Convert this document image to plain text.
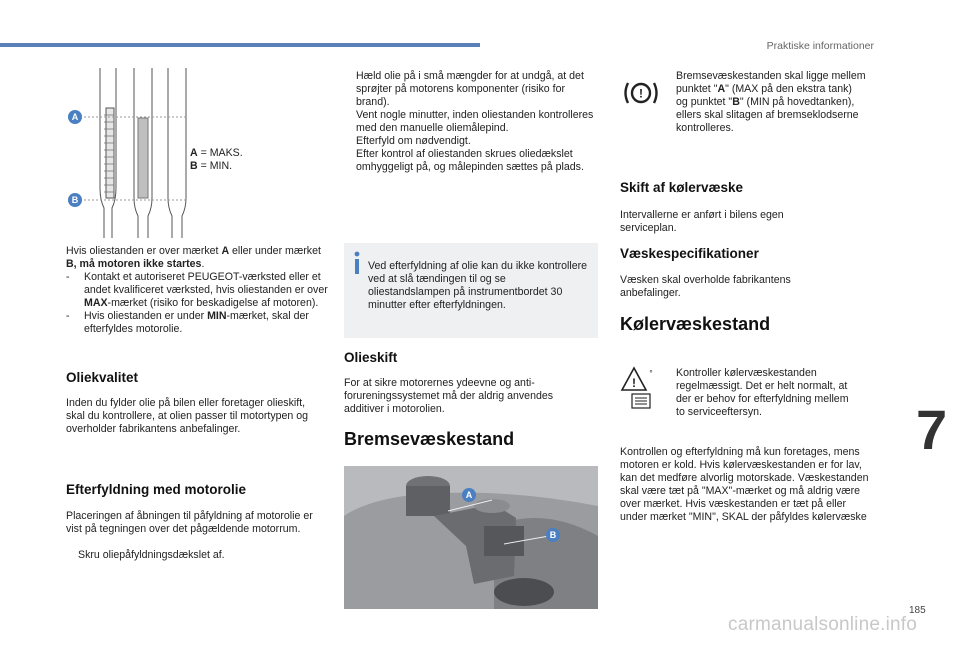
Praktiske informationer
A
B

A = MAKS.

B = MIN.

Hvis oliestanden er over mærket A eller under mærket B, må motoren ikke startes.

- Kontakt et autoriseret PEUGEOT-værksted eller et andet kvalificeret værksted, hvis oliestanden er over MAX-mærket (risiko for beskadigelse af motoren).
- Hvis oliestanden er under MIN-mærket, skal der efterfyldes motorolie.
Oliekvalitet

Inden du fylder olie på bilen eller foretager olieskift, skal du kontrollere, at olien passer til motortypen og overholder fabrikantens anbefalinger.

Efterfyldning med motorolie

Placeringen af åbningen til påfyldning af motorolie er vist på tegningen over det pågældende motorrum.

Skru oliepåfyldningsdækslet af.
Hæld olie på i små mængder for at undgå, at det sprøjter på motorens komponenter (risiko for brand).
Vent nogle minutter, inden oliestanden kontrolleres med den manuelle oliemålepind.
Efterfyld om nødvendigt.
Efter kontrol af oliestanden skrues oliedækslet omhyggeligt på, og målepinden sættes på plads.

Ved efterfyldning af olie kan du ikke kontrollere ved at slå tændingen til og se oliestandslampen på instrumentbordet 30 minutter efter efterfyldningen.

Olieskift

For at sikre motorernes ydeevne og anti-forureningssystemet må der aldrig anvendes additiver i motorolien.

Bremsevæskestand
A
B
!

Bremsevæskestanden skal ligge mellem punktet "A" (MAX på den ekstra tank) og punktet "B" (MIN på hovedtanken), ellers skal slitagen af bremseklodserne kontrolleres.

Skift af kølervæske

Intervallerne er anført i bilens egen serviceplan.

Væskespecifikationer

Væsken skal overholde fabrikantens anbefalinger.

Kølervæskestand
!
° Kontroller kølervæskestanden regelmæssigt. Det er helt normalt, at der er behov for efterfyldning mellem to serviceeftersyn.

Kontrollen og efterfyldning må kun foretages, mens motoren er kold. Hvis kølervæskestanden er for lav, kan det medføre alvorlig motorskade. Væskestanden skal være tæt på "MAX"-mærket og må aldrig være over mærket. Hvis væskestanden er tæt på eller under mærket "MIN", SKAL der påfyldes kølervæske

7
185
carmanualsonline.info
